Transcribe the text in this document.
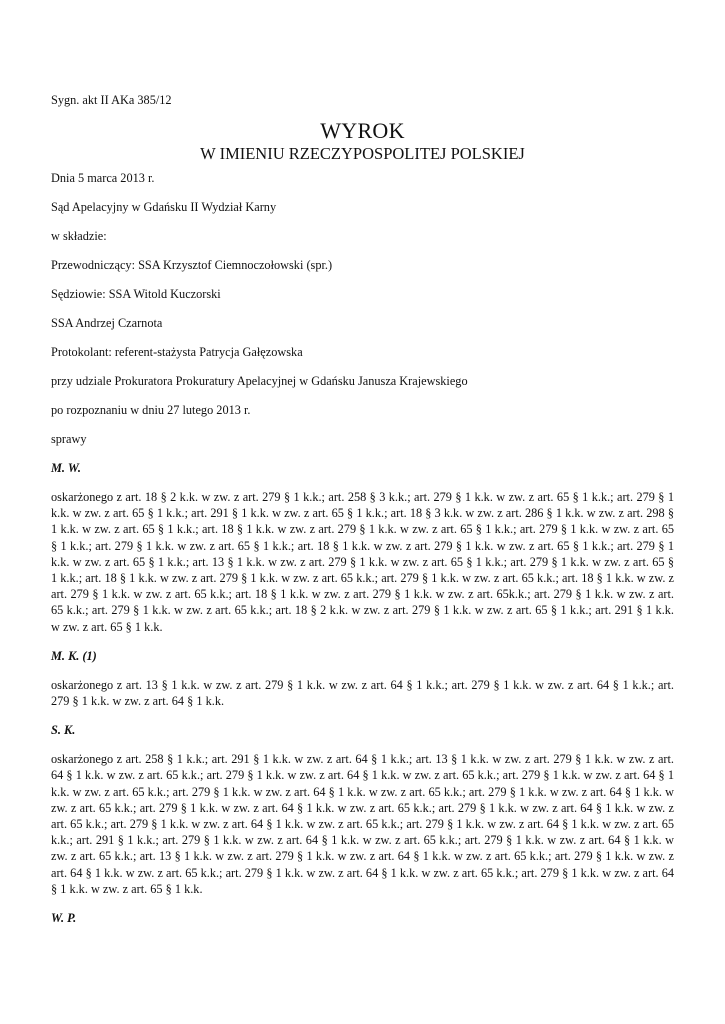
Sygn. akt II AKa 385/12

WYROK

W IMIENIU RZECZYPOSPOLITEJ POLSKIEJ

Dnia 5 marca 2013 r.

Sąd Apelacyjny w Gdańsku II Wydział Karny

w składzie:

Przewodniczący: SSA Krzysztof Ciemnoczołowski (spr.)

Sędziowie: SSA Witold Kuczorski

SSA Andrzej Czarnota

Protokolant: referent-stażysta Patrycja Gałęzowska

przy udziale Prokuratora Prokuratury Apelacyjnej w Gdańsku Janusza Krajewskiego

po rozpoznaniu w dniu 27 lutego 2013 r.

sprawy

M. W.

oskarżonego z art. 18 § 2 k.k. w zw. z art. 279 § 1 k.k.; art. 258 § 3 k.k.; art. 279 § 1 k.k. w zw. z art. 65 § 1 k.k.; art. 279 § 1 k.k. w zw. z art. 65 § 1 k.k.; art. 291 § 1 k.k. w zw. z art. 65 § 1 k.k.; art. 18 § 3 k.k. w zw. z art. 286 § 1 k.k. w zw. z art. 298 § 1 k.k. w zw. z art. 65 § 1 k.k.; art. 18 § 1 k.k. w zw. z art. 279 § 1 k.k. w zw. z art. 65 § 1 k.k.; art. 279 § 1 k.k. w zw. z art. 65 § 1 k.k.; art. 279 § 1 k.k. w zw. z art. 65 § 1 k.k.; art. 18 § 1 k.k. w zw. z art. 279 § 1 k.k. w zw. z art. 65 § 1 k.k.; art. 279 § 1 k.k. w zw. z art. 65 § 1 k.k.; art. 13 § 1 k.k. w zw. z art. 279 § 1 k.k. w zw. z art. 65 § 1 k.k.; art. 279 § 1 k.k. w zw. z art. 65 § 1 k.k.; art. 18 § 1 k.k. w zw. z art. 279 § 1 k.k. w zw. z art. 65 k.k.; art. 279 § 1 k.k. w zw. z art. 65 k.k.; art. 18 § 1 k.k. w zw. z art. 279 § 1 k.k. w zw. z art. 65 k.k.; art. 18 § 1 k.k. w zw. z art. 279 § 1 k.k. w zw. z art. 65k.k.; art. 279 § 1 k.k. w zw. z art. 65 k.k.; art. 279 § 1 k.k. w zw. z art. 65 k.k.; art. 18 § 2 k.k. w zw. z art. 279 § 1 k.k. w zw. z art. 65 § 1 k.k.; art. 291 § 1 k.k. w zw. z art. 65 § 1 k.k.

M. K. (1)

oskarżonego z art. 13 § 1 k.k. w zw. z art. 279 § 1 k.k. w zw. z art. 64 § 1 k.k.; art. 279 § 1 k.k. w zw. z art. 64 § 1 k.k.; art. 279 § 1 k.k. w zw. z art. 64 § 1 k.k.

S. K.

oskarżonego z art. 258 § 1 k.k.; art. 291 § 1 k.k. w zw. z art. 64 § 1 k.k.; art. 13 § 1 k.k. w zw. z art. 279 § 1 k.k. w zw. z art. 64 § 1 k.k. w zw. z art. 65 k.k.; art. 279 § 1 k.k. w zw. z art. 64 § 1 k.k. w zw. z art. 65 k.k.; art. 279 § 1 k.k. w zw. z art. 64 § 1 k.k. w zw. z art. 65 k.k.; art. 279 § 1 k.k. w zw. z art. 64 § 1 k.k. w zw. z art. 65 k.k.; art. 279 § 1 k.k. w zw. z art. 64 § 1 k.k. w zw. z art. 65 k.k.; art. 279 § 1 k.k. w zw. z art. 64 § 1 k.k. w zw. z art. 65 k.k.; art. 279 § 1 k.k. w zw. z art. 64 § 1 k.k. w zw. z art. 65 k.k.; art. 279 § 1 k.k. w zw. z art. 64 § 1 k.k. w zw. z art. 65 k.k.; art. 279 § 1 k.k. w zw. z art. 64 § 1 k.k. w zw. z art. 65 k.k.; art. 291 § 1 k.k.; art. 279 § 1 k.k. w zw. z art. 64 § 1 k.k. w zw. z art. 65 k.k.; art. 279 § 1 k.k. w zw. z art. 64 § 1 k.k. w zw. z art. 65 k.k.; art. 13 § 1 k.k. w zw. z art. 279 § 1 k.k. w zw. z art. 64 § 1 k.k. w zw. z art. 65 k.k.; art. 279 § 1 k.k. w zw. z art. 64 § 1 k.k. w zw. z art. 65 k.k.; art. 279 § 1 k.k. w zw. z art. 64 § 1 k.k. w zw. z art. 65 k.k.; art. 279 § 1 k.k. w zw. z art. 64 § 1 k.k. w zw. z art. 65 § 1 k.k.

W. P.
